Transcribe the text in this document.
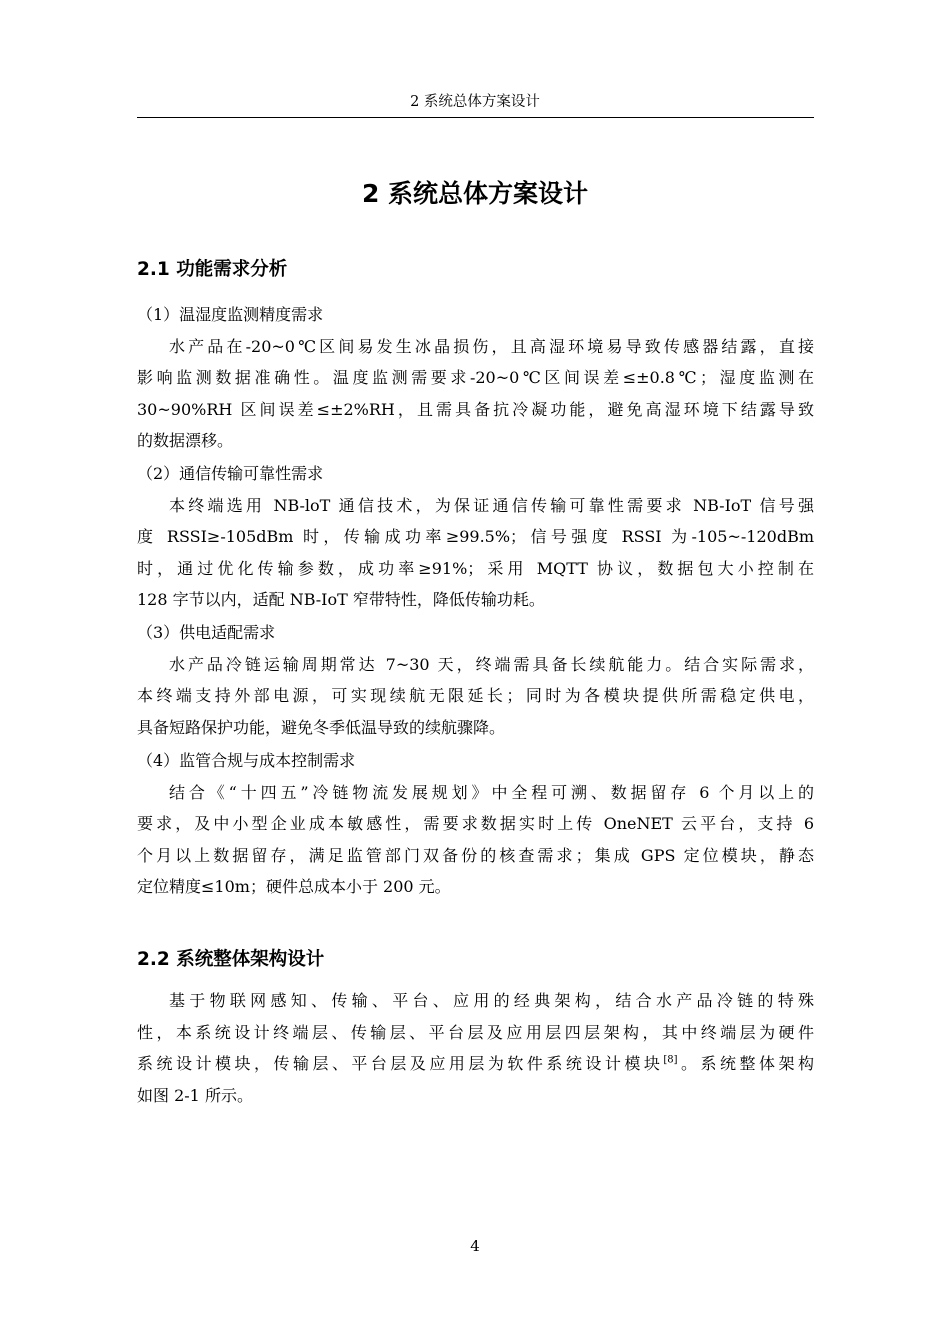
2 系统总体方案设计
2 系统总体方案设计
2.1 功能需求分析
（1）温湿度监测精度需求
水产品在-20~0℃区间易发生冰晶损伤，且高湿环境易导致传感器结露，直接
影响监测数据准确性。温度监测需要求-20~0℃区间误差≤±0.8℃；湿度监测在
30~90%RH 区间误差≤±2%RH，且需具备抗冷凝功能，避免高湿环境下结露导致
的数据漂移。
（2）通信传输可靠性需求
本终端选用 NB-loT 通信技术，为保证通信传输可靠性需要求 NB-IoT 信号强
度 RSSI≥-105dBm 时，传输成功率≥99.5%；信号强度 RSSI 为-105~-120dBm
时，通过优化传输参数，成功率≥91%；采用 MQTT 协议，数据包大小控制在
128 字节以内，适配 NB-IoT 窄带特性，降低传输功耗。
（3）供电适配需求
水产品冷链运输周期常达 7~30 天，终端需具备长续航能力。结合实际需求，
本终端支持外部电源，可实现续航无限延长；同时为各模块提供所需稳定供电，
具备短路保护功能，避免冬季低温导致的续航骤降。
（4）监管合规与成本控制需求
结合《“十四五”冷链物流发展规划》中全程可溯、数据留存 6 个月以上的
要求，及中小型企业成本敏感性，需要求数据实时上传 OneNET 云平台，支持 6
个月以上数据留存，满足监管部门双备份的核查需求；集成 GPS 定位模块，静态
定位精度≤10m；硬件总成本小于 200 元。
2.2 系统整体架构设计
基于物联网感知、传输、平台、应用的经典架构，结合水产品冷链的特殊
性，本系统设计终端层、传输层、平台层及应用层四层架构，其中终端层为硬件
系统设计模块，传输层、平台层及应用层为软件系统设计模块[8]。系统整体架构
如图 2-1 所示。
4
